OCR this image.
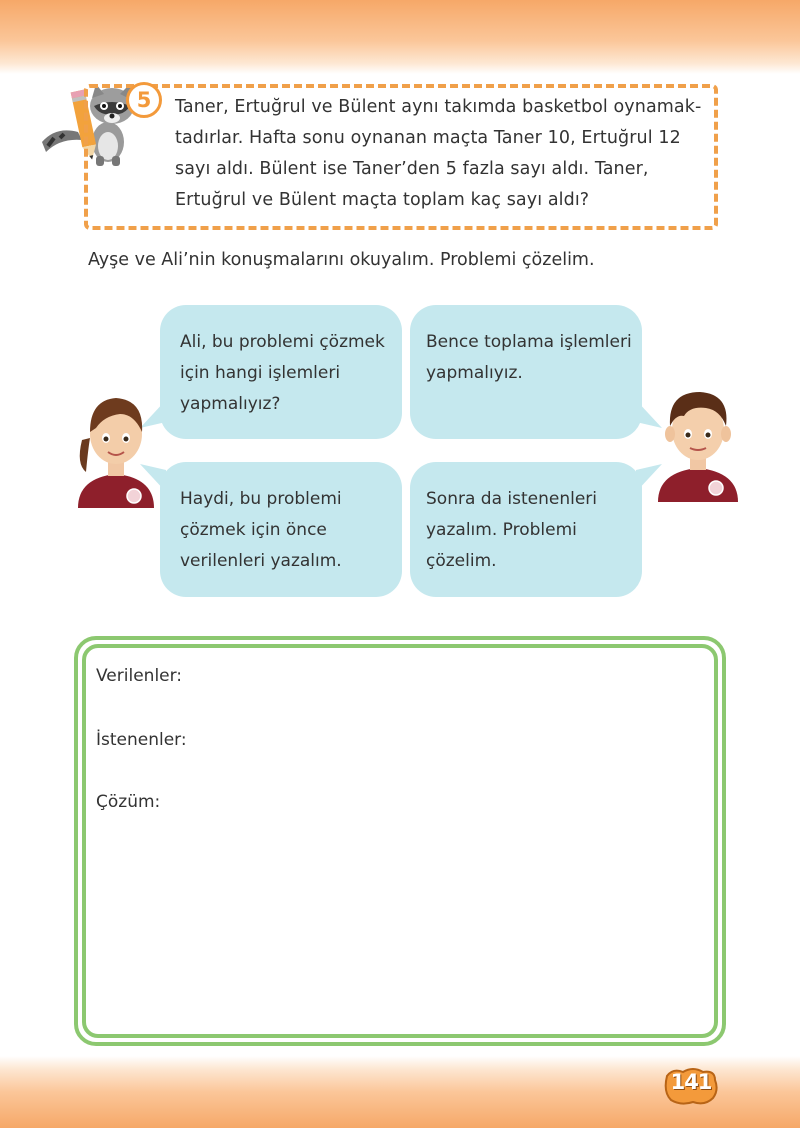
5	Taner, Ertuğrul ve Bülent aynı takımda basketbol oynamak-
tadırlar. Hafta sonu oynanan maçta Taner 10, Ertuğrul 12
sayı aldı. Bülent ise Taner’den 5 fazla sayı aldı. Taner,
Ertuğrul ve Bülent maçta toplam kaç sayı aldı?
Ayşe ve Ali’nin konuşmalarını okuyalım. Problemi çözelim.
Ali, bu problemi çözmek
için hangi işlemleri
yapmalıyız?
Bence toplama işlemleri
yapmalıyız.
Haydi, bu problemi
çözmek için önce
verilenleri yazalım.
Sonra da istenenleri
yazalım. Problemi
çözelim.
Verilenler:
İstenenler:
Çözüm:
141
